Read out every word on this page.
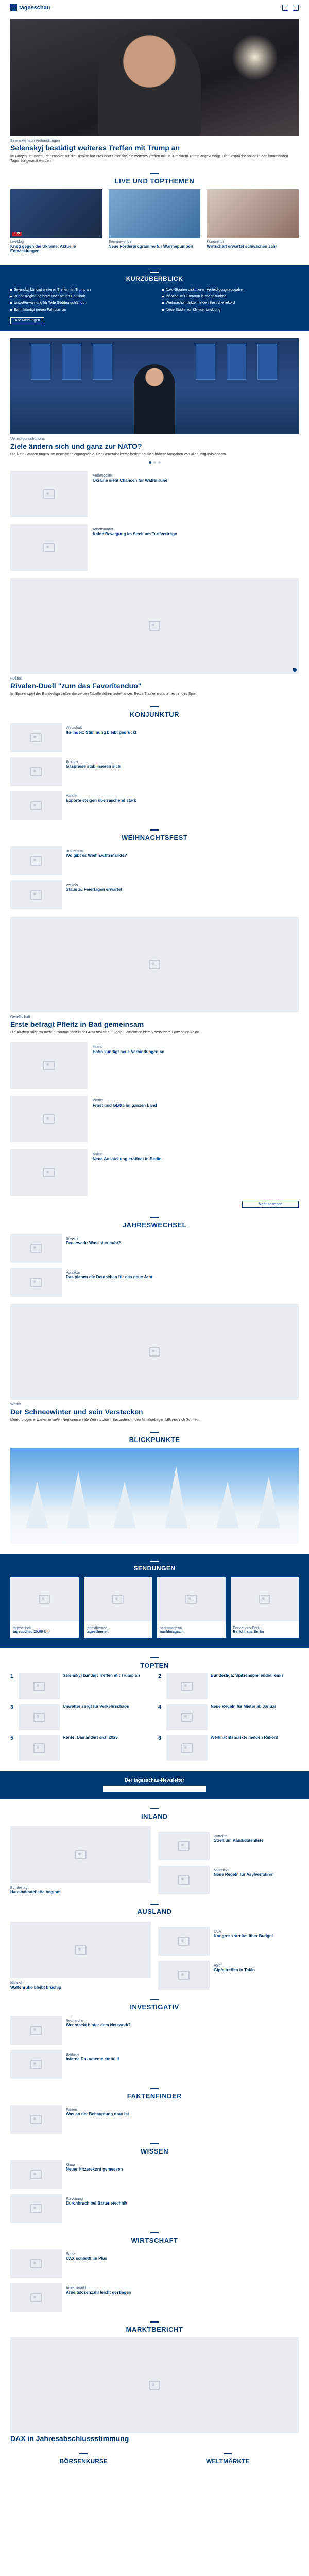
tagesschau
Selenskyj nach Verhandlungen
Selenskyj bestätigt weiteres Treffen mit Trump an
Im Ringen um einen Friedensplan für die Ukraine hat Präsident Selenskyj ein weiteres Treffen mit US-Präsident Trump angekündigt. Die Gespräche sollen in den kommenden Tagen fortgesetzt werden.
LIVE UND TOPTHEMEN
LIVE
Liveblog
Krieg gegen die Ukraine: Aktuelle Entwicklungen
Energiewende
Neue Förderprogramme für Wärmepumpen
Konjunktur
Wirtschaft erwartet schwaches Jahr
KURZÜBERBLICK
Selenskyj kündigt weiteres Treffen mit Trump an
Bundesregierung berät über neuen Haushalt
Unwetterwarnung für Teile Süddeutschlands
Bahn kündigt neuen Fahrplan an
Nato-Staaten diskutieren Verteidigungsausgaben
Inflation im Euroraum leicht gesunken
Weihnachtsmärkte melden Besucherrekord
Neue Studie zur Klimaentwicklung
Alle Meldungen
Verteidigungsbündnis
Ziele ändern sich und ganz zur NATO?
Die Nato-Staaten ringen um neue Verteidigungsziele. Der Generalsekretär fordert deutlich höhere Ausgaben von allen Mitgliedsländern.
Außenpolitik
Ukraine sieht Chancen für Waffenruhe
Arbeitsmarkt
Keine Bewegung im Streit um Tarifverträge
Fußball
Rivalen-Duell "zum das Favoritenduo"
Im Spitzenspiel der Bundesliga treffen die beiden Tabellenführer aufeinander. Beide Trainer erwarten ein enges Spiel.
KONJUNKTUR
Wirtschaft
Ifo-Index: Stimmung bleibt gedrückt
Energie
Gaspreise stabilisieren sich
Handel
Exporte steigen überraschend stark
WEIHNACHTSFEST
Brauchtum
Wo gibt es Weihnachtsmärkte?
Verkehr
Staus zu Feiertagen erwartet
Gesellschaft
Erste befragt Pfleitz in Bad gemeinsam
Die Kirchen rufen zu mehr Zusammenhalt in der Adventszeit auf. Viele Gemeinden bieten besondere Gottesdienste an.
Inland
Bahn kündigt neue Verbindungen an
Wetter
Frost und Glätte im ganzen Land
Kultur
Neue Ausstellung eröffnet in Berlin
Mehr anzeigen
JAHRESWECHSEL
Silvester
Feuerwerk: Was ist erlaubt?
Vorsätze
Das planen die Deutschen für das neue Jahr
Wetter
Der Schneewinter und sein Verstecken
Meteorologen erwarten in vielen Regionen weiße Weihnachten. Besonders in den Mittelgebirgen fällt reichlich Schnee.
BLICKPUNKTE
SENDUNGEN
tagesschau
tagesschau 20:00 Uhr
tagesthemen
tagesthemen
nachtmagazin
nachtmagazin
Bericht aus Berlin
Bericht aus Berlin
TOPTEN
1	Selenskyj kündigt Treffen mit Trump an	2	Bundesliga: Spitzenspiel endet remis
3	Unwetter sorgt für Verkehrschaos	4	Neue Regeln für Mieter ab Januar
5	Rente: Das ändert sich 2025	6	Weihnachtsmärkte melden Rekord
Der tagesschau-Newsletter
INLAND
Bundestag
Haushaltsdebatte beginnt
Parteien
Streit um Kandidatenliste
Migration
Neue Regeln für Asylverfahren
AUSLAND
Nahost
Waffenruhe bleibt brüchig
USA
Kongress streitet über Budget
Asien
Gipfeltreffen in Tokio
INVESTIGATIV
Recherche
Wer steckt hinter dem Netzwerk?
Exklusiv
Interne Dokumente enthüllt
FAKTENFINDER
Fakten
Was an der Behauptung dran ist
WISSEN
Klima
Neuer Hitzerekord gemessen
Forschung
Durchbruch bei Batterietechnik
WIRTSCHAFT
Börse
DAX schließt im Plus
Arbeitsmarkt
Arbeitslosenzahl leicht gestiegen
MARKTBERICHT
DAX in Jahresabschlussstimmung
BÖRSENKURSE	WELTMÄRKTE
